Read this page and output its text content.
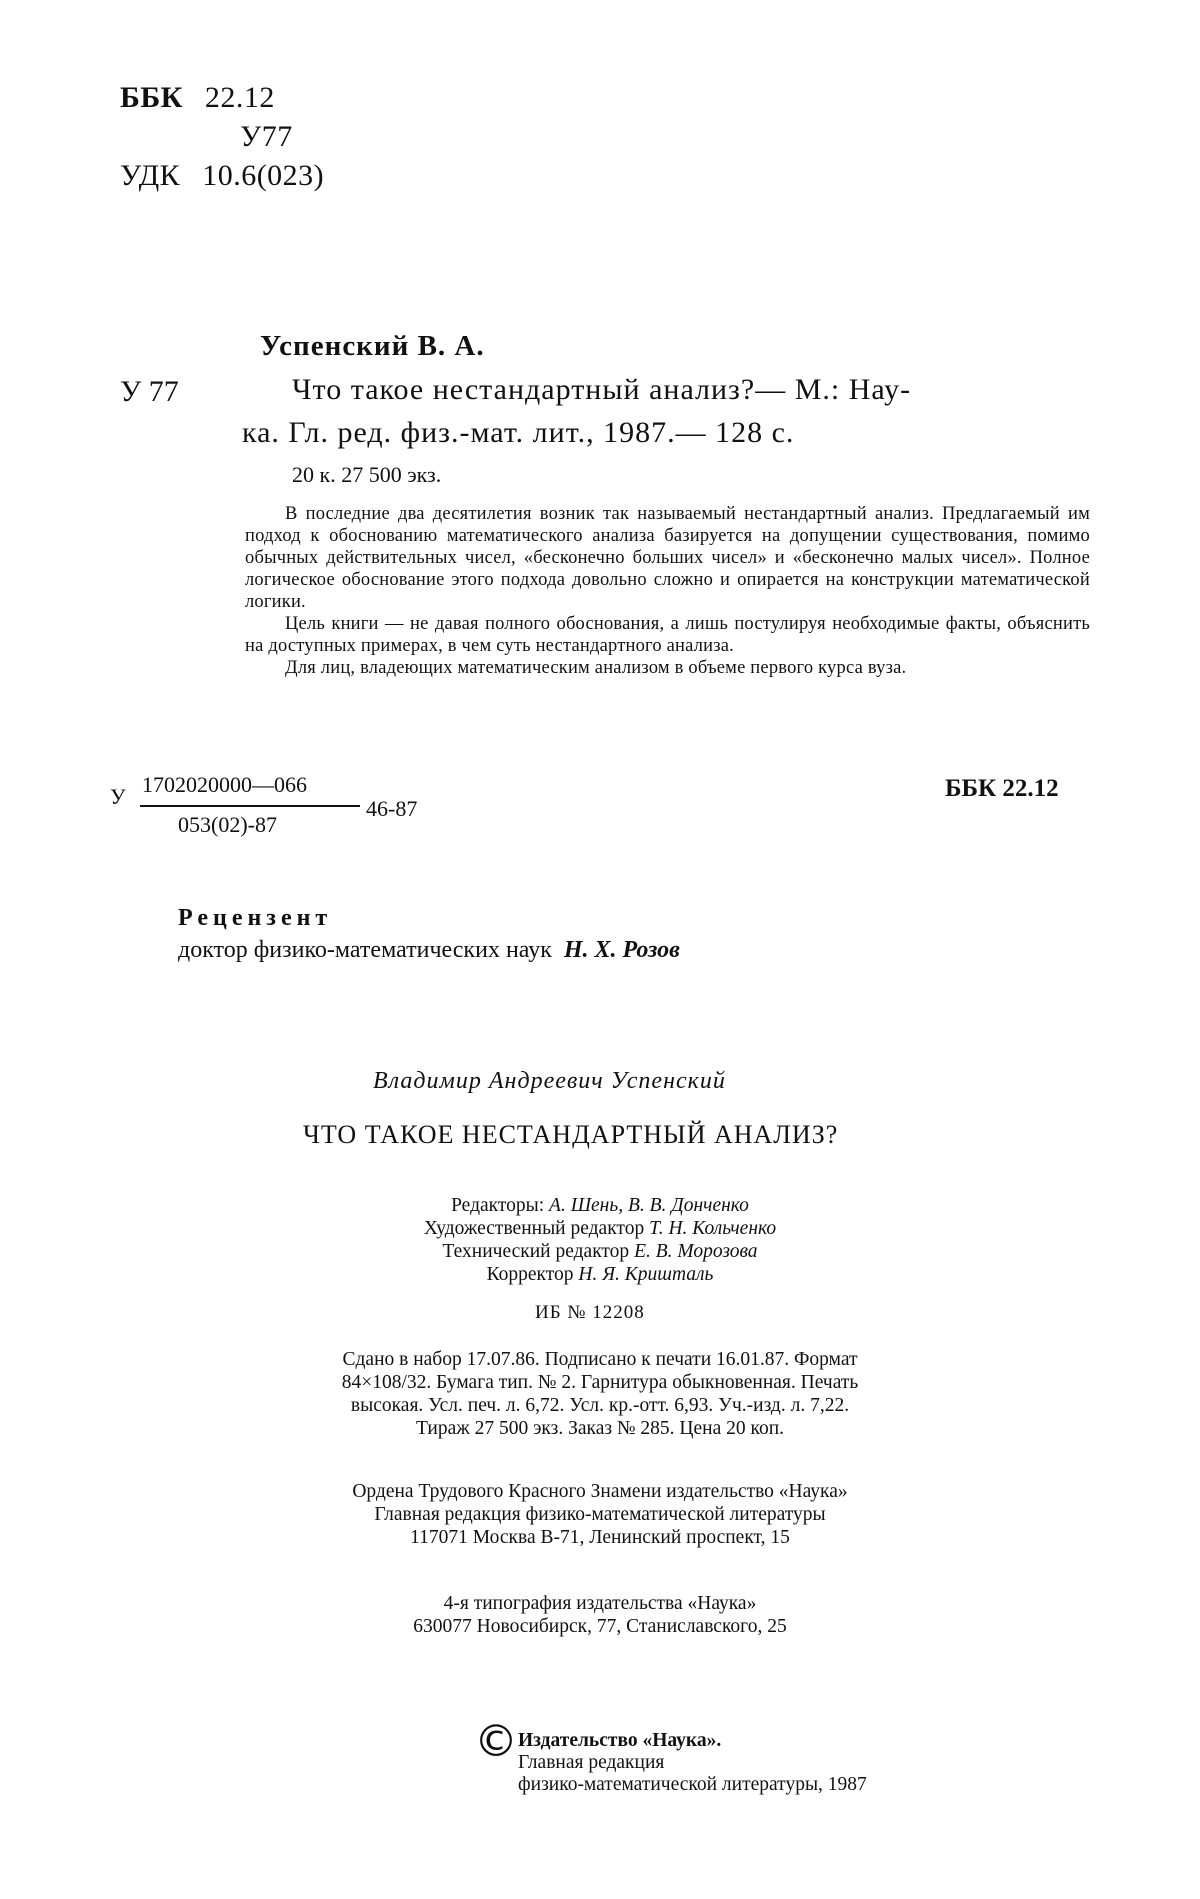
ББК 22.12
У77
УДК 10.6(023)
Успенский В. А.
У 77	Что такое нестандартный анализ?— М.: Нау-
ка. Гл. ред. физ.-мат. лит., 1987.— 128 с.
20 к. 27 500 экз.

В последние два десятилетия возник так называемый нестандартный анализ. Предлагаемый им подход к обоснованию математического анализа базируется на допущении существования, помимо обычных действительных чисел, «бесконечно больших чисел» и «бесконечно малых чисел». Полное логическое обоснование этого подхода довольно сложно и опирается на конструкции математической логики.

Цель книги — не давая полного обоснования, а лишь постулируя необходимые факты, объяснить на доступных примерах, в чем суть нестандартного анализа.

Для лиц, владеющих математическим анализом в объеме первого курса вуза.

У 1702020000—066
053(02)-87
46-87
ББК 22.12
Рецензент
доктор физико-математических наук Н. Х. Розов
Владимир Андреевич Успенский
ЧТО ТАКОЕ НЕСТАНДАРТНЫЙ АНАЛИЗ?
Редакторы: А. Шень, В. В. Донченко
Художественный редактор Т. Н. Кольченко
Технический редактор Е. В. Морозова
Корректор Н. Я. Кришталь
ИБ № 12208
Сдано в набор 17.07.86. Подписано к печати 16.01.87. Формат
84×108/32. Бумага тип. № 2. Гарнитура обыкновенная. Печать
высокая. Усл. печ. л. 6,72. Усл. кр.-отт. 6,93. Уч.-изд. л. 7,22.
Тираж 27 500 экз. Заказ № 285. Цена 20 коп.
Ордена Трудового Красного Знамени издательство «Наука»
Главная редакция физико-математической литературы
117071 Москва В-71, Ленинский проспект, 15
4-я типография издательства «Наука»
630077 Новосибирск, 77, Станиславского, 25
© Издательство «Наука».
Главная редакция
физико-математической литературы, 1987
